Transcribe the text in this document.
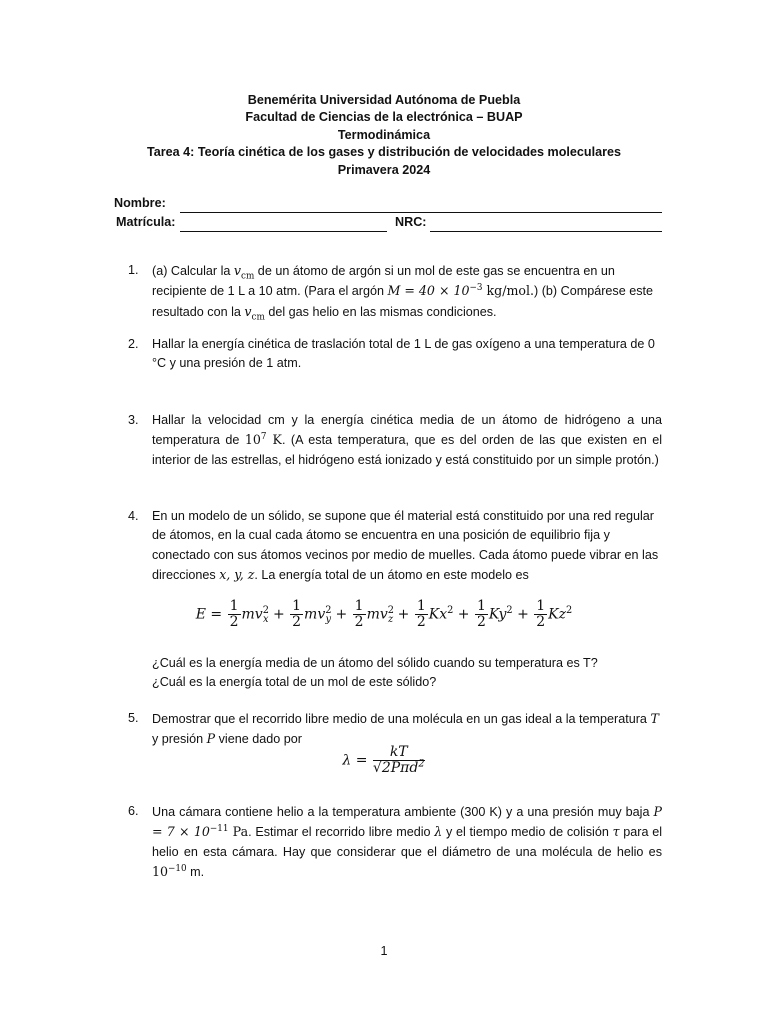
Benemérita Universidad Autónoma de Puebla
Facultad de Ciencias de la electrónica – BUAP
Termodinámica
Tarea 4: Teoría cinética de los gases y distribución de velocidades moleculares
Primavera 2024
Nombre:
Matrícula:	NRC:
1. (a) Calcular la $v_{cm}$ de un átomo de argón si un mol de este gas se encuentra en un recipiente de 1 L a 10 atm. (Para el argón $M = 40 \times 10^{-3}$ kg/mol.) (b) Compárese este resultado con la $v_{cm}$ del gas helio en las mismas condiciones.
2. Hallar la energía cinética de traslación total de 1 L de gas oxígeno a una temperatura de 0 °C y una presión de 1 atm.
3. Hallar la velocidad cm y la energía cinética media de un átomo de hidrógeno a una temperatura de $10^7$ K. (A esta temperatura, que es del orden de las que existen en el interior de las estrellas, el hidrógeno está ionizado y está constituido por un simple protón.)
4. En un modelo de un sólido, se supone que él material está constituido por una red regular de átomos, en la cual cada átomo se encuentra en una posición de equilibrio fija y conectado con sus átomos vecinos por medio de muelles. Cada átomo puede vibrar en las direcciones x, y, z. La energía total de un átomo en este modelo es
$E = \frac{1}{2} mv^2_x + \frac{1}{2} mv^2_y + \frac{1}{2} mv^2_z + \frac{1}{2} Kx^2 + \frac{1}{2} Ky^2 + \frac{1}{2} Kz^2$
¿Cuál es la energía media de un átomo del sólido cuando su temperatura es T?
¿Cuál es la energía total de un mol de este sólido?
5. Demostrar que el recorrido libre medio de una molécula en un gas ideal a la temperatura T y presión P viene dado por
$\lambda = \frac{kT}{√2P\pi d^2}$
6. Una cámara contiene helio a la temperatura ambiente (300 K) y a una presión muy baja $P = 7 \times 10^{-11}$ Pa. Estimar el recorrido libre medio λ y el tiempo medio de colisión τ para el helio en esta cámara. Hay que considerar que el diámetro de una molécula de helio es $10^{-10}$ m.
1
